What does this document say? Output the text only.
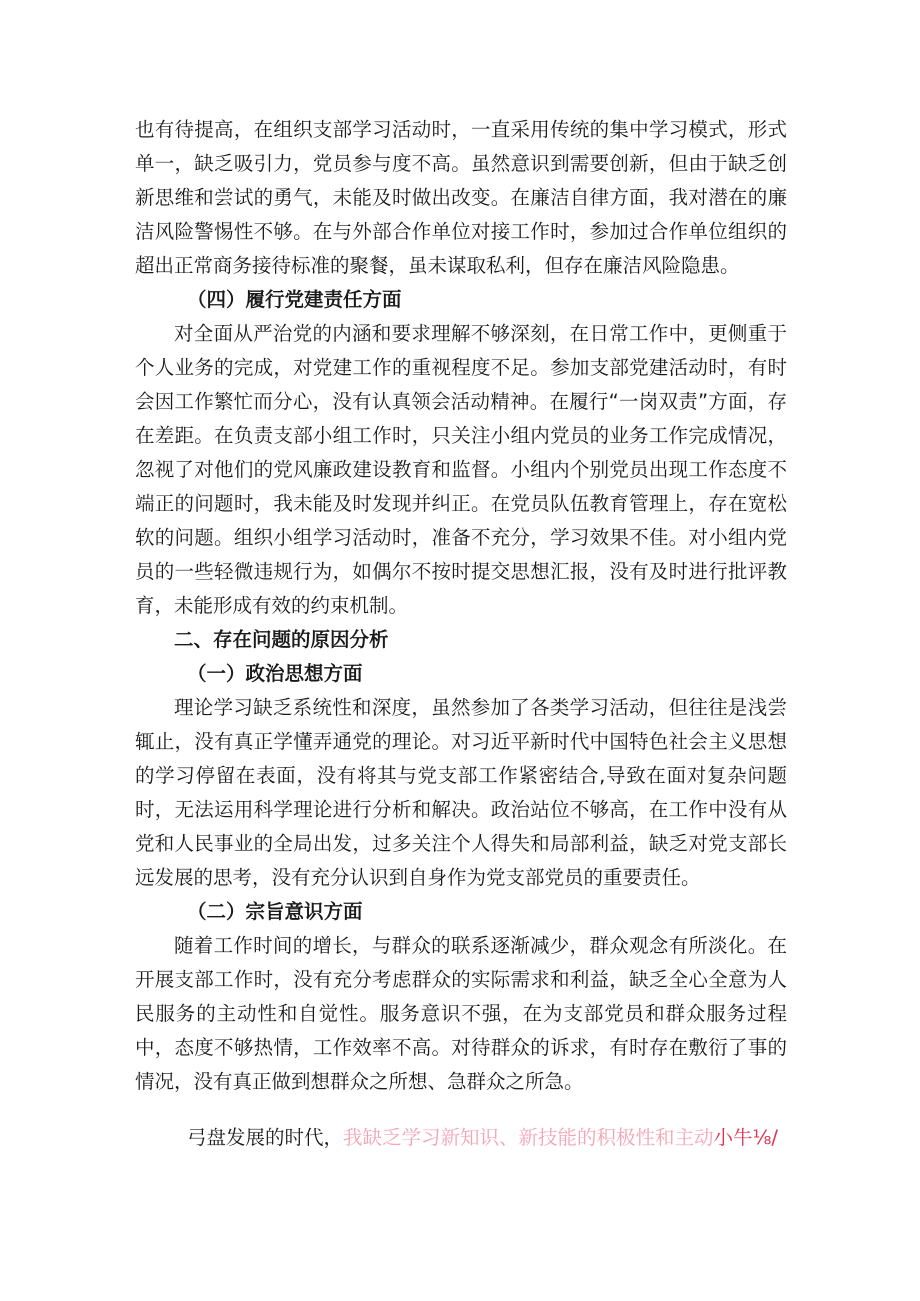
也有待提高，在组织支部学习活动时，一直采用传统的集中学习模式，形式单一，缺乏吸引力，党员参与度不高。虽然意识到需要创新，但由于缺乏创新思维和尝试的勇气，未能及时做出改变。在廉洁自律方面，我对潜在的廉洁风险警惕性不够。在与外部合作单位对接工作时，参加过合作单位组织的超出正常商务接待标准的聚餐，虽未谋取私利，但存在廉洁风险隐患。

（四）履行党建责任方面

对全面从严治党的内涵和要求理解不够深刻，在日常工作中，更侧重于个人业务的完成，对党建工作的重视程度不足。参加支部党建活动时，有时会因工作繁忙而分心，没有认真领会活动精神。在履行“一岗双责”方面，存在差距。在负责支部小组工作时，只关注小组内党员的业务工作完成情况，忽视了对他们的党风廉政建设教育和监督。小组内个别党员出现工作态度不端正的问题时，我未能及时发现并纠正。在党员队伍教育管理上，存在宽松软的问题。组织小组学习活动时，准备不充分，学习效果不佳。对小组内党员的一些轻微违规行为，如偶尔不按时提交思想汇报，没有及时进行批评教育，未能形成有效的约束机制。

二、存在问题的原因分析

（一）政治思想方面

理论学习缺乏系统性和深度，虽然参加了各类学习活动，但往往是浅尝辄止，没有真正学懂弄通党的理论。对习近平新时代中国特色社会主义思想的学习停留在表面，没有将其与党支部工作紧密结合,导致在面对复杂问题时，无法运用科学理论进行分析和解决。政治站位不够高，在工作中没有从党和人民事业的全局出发，过多关注个人得失和局部利益，缺乏对党支部长远发展的思考，没有充分认识到自身作为党支部党员的重要责任。

（二）宗旨意识方面

随着工作时间的增长，与群众的联系逐渐减少，群众观念有所淡化。在开展支部工作时，没有充分考虑群众的实际需求和利益，缺乏全心全意为人民服务的主动性和自觉性。服务意识不强，在为支部党员和群众服务过程中，态度不够热情，工作效率不高。对待群众的诉求，有时存在敷衍了事的情况，没有真正做到想群众之所想、急群众之所急。

弓盘发展的时代，我缺乏学习新知识、新技能的积极性和主动小牛⅛/
